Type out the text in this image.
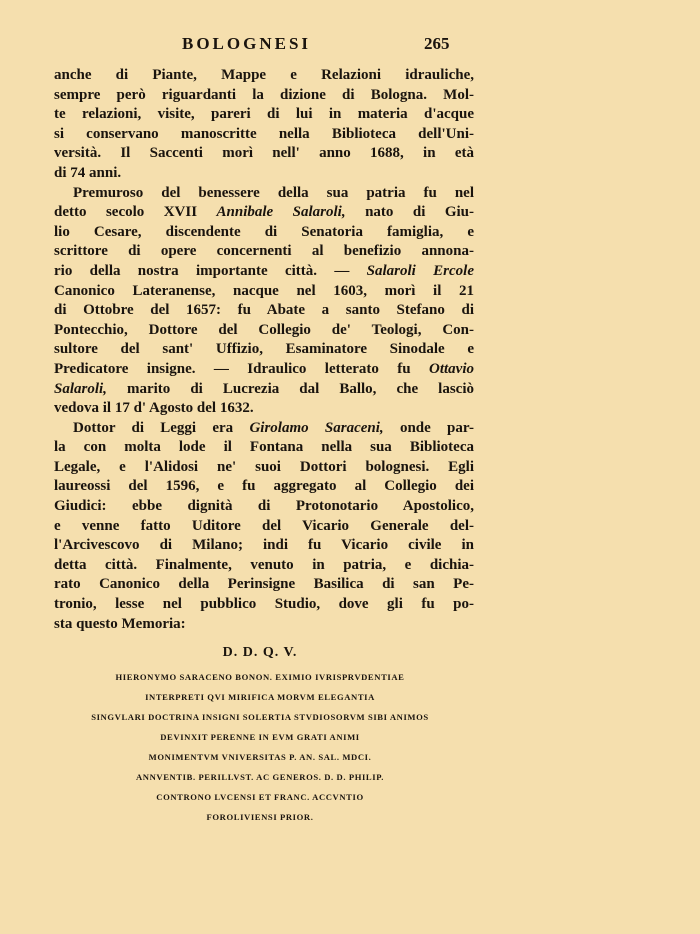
BOLOGNESI	265
anche di Piante, Mappe e Relazioni idrauliche,
sempre però riguardanti la dizione di Bologna. Mol-
te relazioni, visite, pareri di lui in materia d'acque
si conservano manoscritte nella Biblioteca dell'Uni-
versità. Il Saccenti morì nell' anno 1688, in età
di 74 anni.
Premuroso del benessere della sua patria fu nel
detto secolo XVII Annibale Salaroli, nato di Giu-
lio Cesare, discendente di Senatoria famiglia, e
scrittore di opere concernenti al benefizio annona-
rio della nostra importante città. — Salaroli Ercole
Canonico Lateranense, nacque nel 1603, morì il 21
di Ottobre del 1657: fu Abate a santo Stefano di
Pontecchio, Dottore del Collegio de' Teologi, Con-
sultore del sant' Uffizio, Esaminatore Sinodale e
Predicatore insigne. — Idraulico letterato fu Ottavio
Salaroli, marito di Lucrezia dal Ballo, che lasciò
vedova il 17 d' Agosto del 1632.
Dottor di Leggi era Girolamo Saraceni, onde par-
la con molta lode il Fontana nella sua Biblioteca
Legale, e l'Alidosi ne' suoi Dottori bolognesi. Egli
laureossi del 1596, e fu aggregato al Collegio dei
Giudici: ebbe dignità di Protonotario Apostolico,
e venne fatto Uditore del Vicario Generale del-
l'Arcivescovo di Milano; indi fu Vicario civile in
detta città. Finalmente, venuto in patria, e dichia-
rato Canonico della Perinsigne Basilica di san Pe-
tronio, lesse nel pubblico Studio, dove gli fu po-
sta questo Memoria:
D. D. Q. V.
HIERONYMO SARACENO BONON. EXIMIO IVRISPRVDENTIAE
INTERPRETI QVI MIRIFICA MORVM ELEGANTIA
SINGVLARI DOCTRINA INSIGNI SOLERTIA STVDIOSORVM SIBI ANIMOS
DEVINXIT PERENNE IN EVM GRATI ANIMI
MONIMENTVM VNIVERSITAS P. AN. SAL. MDCI.
ANNVENTIB. PERILLVST. AC GENEROS. D. D. PHILIP.
CONTRONO LVCENSI ET FRANC. ACCVNTIO
FOROLIVIENSI PRIOR.
